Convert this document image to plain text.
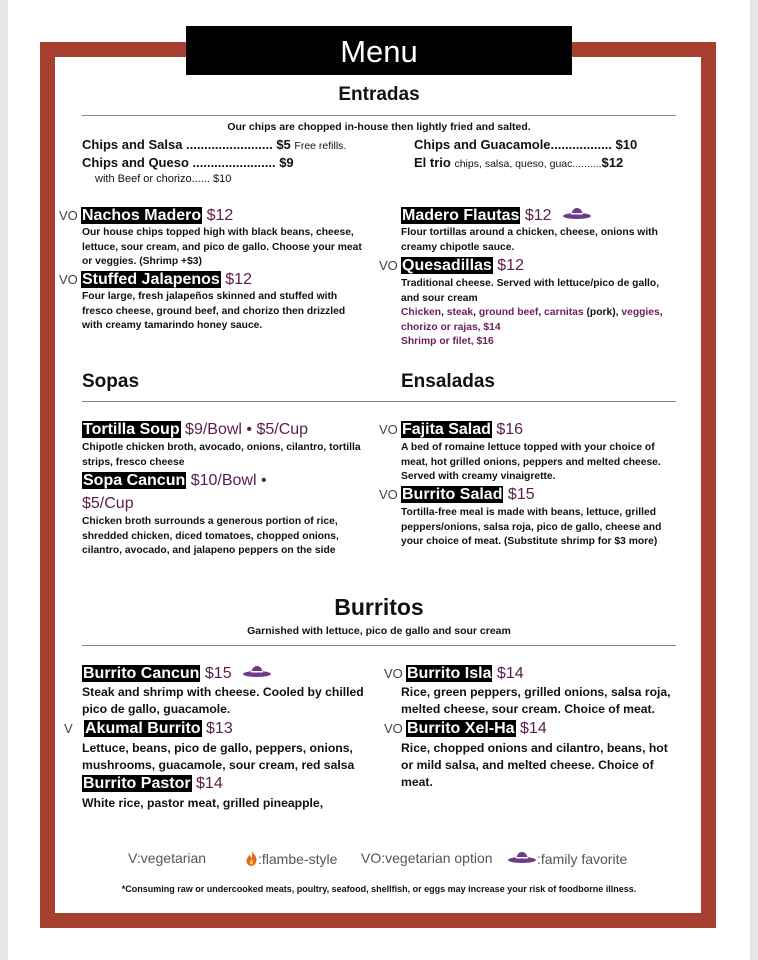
Menu
Entradas
Our chips are chopped in-house then lightly fried and salted.
Chips and Salsa ........................ $5 Free refills.
Chips and Queso ....................... $9
with Beef or chorizo...... $10
Chips and Guacamole................. $10
El trio chips, salsa, queso, guac..........$12
VO Nachos Madero $12
Our house chips topped high with black beans, cheese, lettuce, sour cream, and pico de gallo. Choose your meat or veggies. (Shrimp +$3)
VO Stuffed Jalapenos $12
Four large, fresh jalapeños skinned and stuffed with fresco cheese, ground beef, and chorizo then drizzled with creamy tamarindo honey sauce.
Madero Flautas $12
Flour tortillas around a chicken, cheese, onions with creamy chipotle sauce.
VO Quesadillas $12
Traditional cheese. Served with lettuce/pico de gallo, and sour cream
Chicken, steak, ground beef, carnitas (pork), veggies,
chorizo or rajas, $14
Shrimp or filet, $16
Sopas	Ensaladas
Tortilla Soup $9/Bowl • $5/Cup
Chipotle chicken broth, avocado, onions, cilantro, tortilla strips, fresco cheese
Sopa Cancun $10/Bowl •
$5/Cup
Chicken broth surrounds a generous portion of rice, shredded chicken, diced tomatoes, chopped onions, cilantro, avocado, and jalapeno peppers on the side
VO Fajita Salad $16
A bed of romaine lettuce topped with your choice of meat, hot grilled onions, peppers and melted cheese. Served with creamy vinaigrette.
VO Burrito Salad $15
Tortilla-free meal is made with beans, lettuce, grilled peppers/onions, salsa roja, pico de gallo, cheese and your choice of meat. (Substitute shrimp for $3 more)
Burritos
Garnished with lettuce, pico de gallo and sour cream
Burrito Cancun $15
Steak and shrimp with cheese. Cooled by chilled pico de gallo, guacamole.
V Akumal Burrito $13
Lettuce, beans, pico de gallo, peppers, onions, mushrooms, guacamole, sour cream, red salsa
Burrito Pastor $14
White rice, pastor meat, grilled pineapple,
VO Burrito Isla $14
Rice, green peppers, grilled onions, salsa roja, melted cheese, sour cream. Choice of meat.
VO Burrito Xel-Ha $14
Rice, chopped onions and cilantro, beans, hot or mild salsa, and melted cheese. Choice of meat.
V:vegetarian	:flambe-style VO:vegetarian option	:family favorite
*Consuming raw or undercooked meats, poultry, seafood, shellfish, or eggs may increase your risk of foodborne illness.
